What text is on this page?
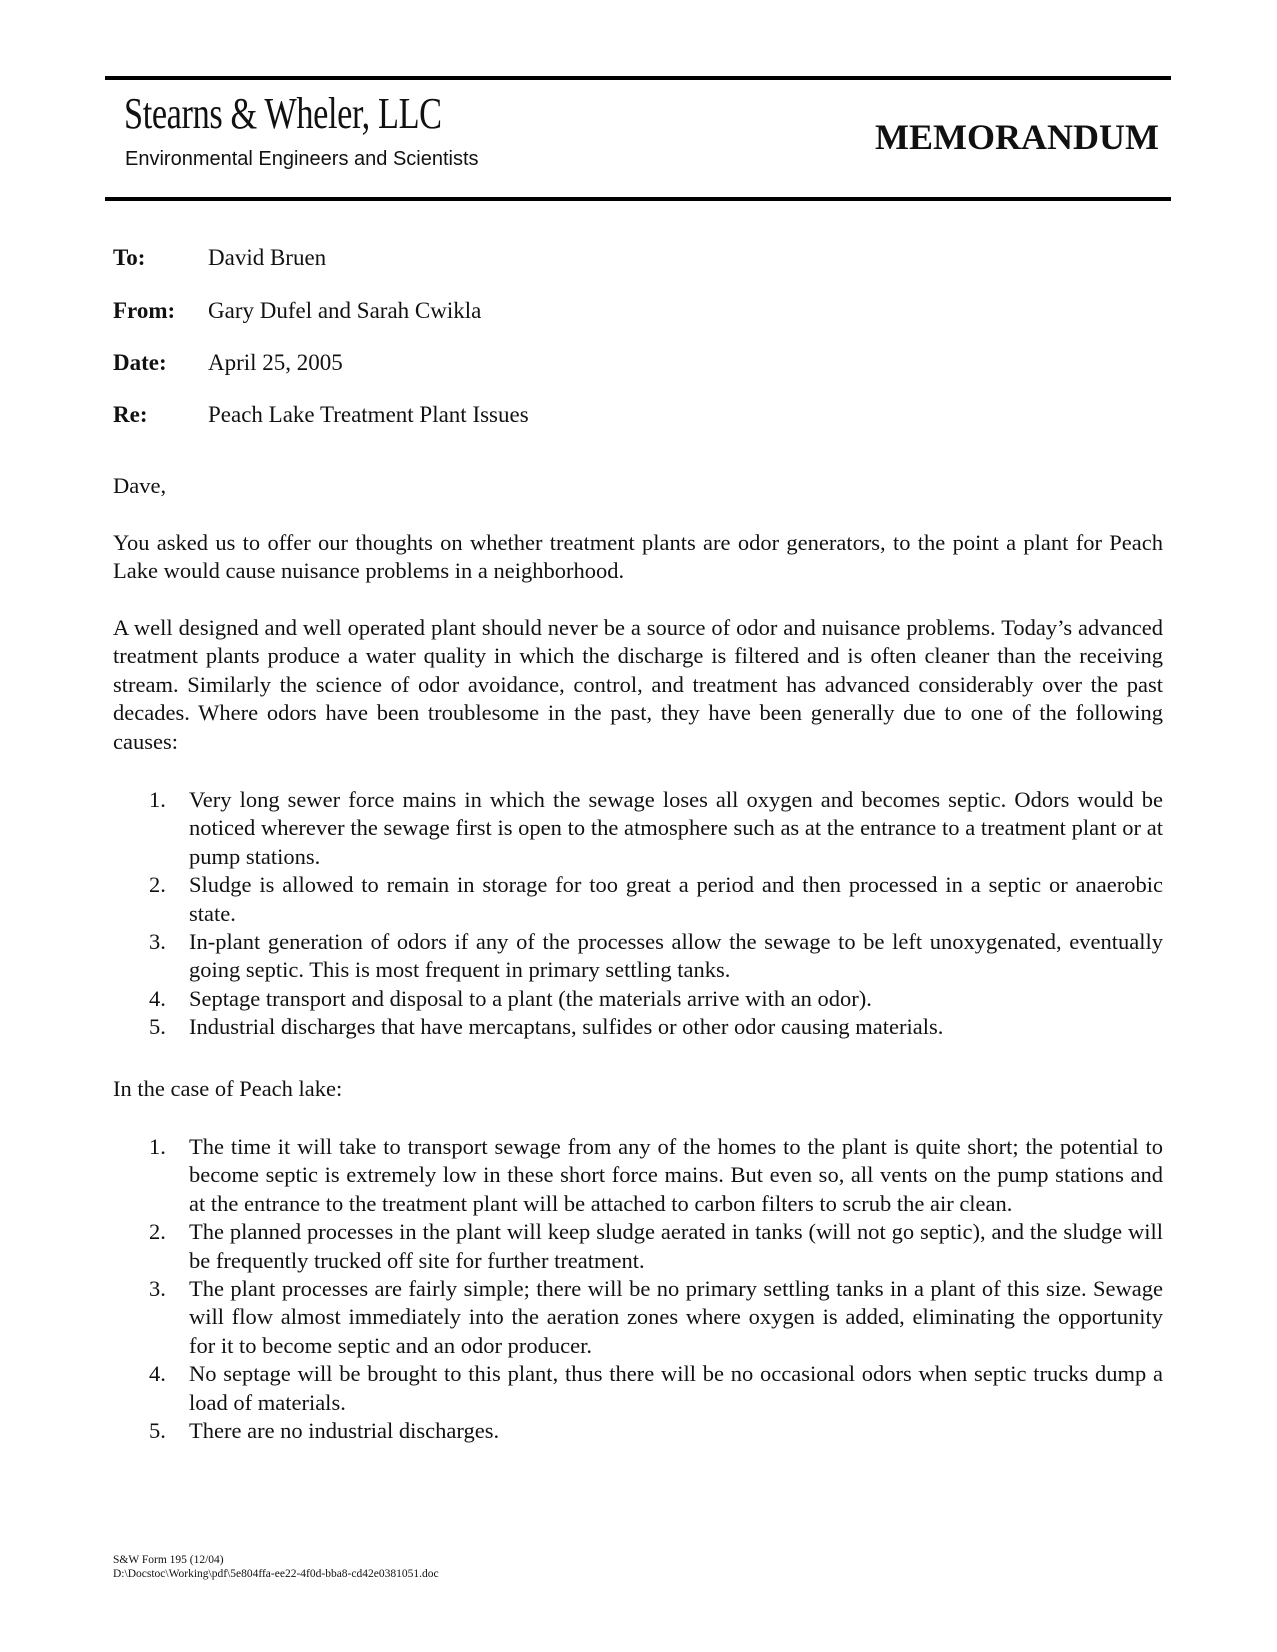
Stearns & Wheler, LLC
Environmental Engineers and Scientists
MEMORANDUM
To:	David Bruen
From: Gary Dufel and Sarah Cwikla
Date: April 25, 2005
Re:	Peach Lake Treatment Plant Issues
Dave,
You asked us to offer our thoughts on whether treatment plants are odor generators, to the point a plant for Peach Lake would cause nuisance problems in a neighborhood.
A well designed and well operated plant should never be a source of odor and nuisance problems. Today’s advanced treatment plants produce a water quality in which the discharge is filtered and is often cleaner than the receiving stream. Similarly the science of odor avoidance, control, and treatment has advanced considerably over the past decades. Where odors have been troublesome in the past, they have been generally due to one of the following causes:
1. Very long sewer force mains in which the sewage loses all oxygen and becomes septic. Odors would be noticed wherever the sewage first is open to the atmosphere such as at the entrance to a treatment plant or at pump stations.
2. Sludge is allowed to remain in storage for too great a period and then processed in a septic or anaerobic state.
3. In-plant generation of odors if any of the processes allow the sewage to be left unoxygenated, eventually going septic. This is most frequent in primary settling tanks.
4. Septage transport and disposal to a plant (the materials arrive with an odor).
5. Industrial discharges that have mercaptans, sulfides or other odor causing materials.
In the case of Peach lake:
1. The time it will take to transport sewage from any of the homes to the plant is quite short; the potential to become septic is extremely low in these short force mains. But even so, all vents on the pump stations and at the entrance to the treatment plant will be attached to carbon filters to scrub the air clean.
2. The planned processes in the plant will keep sludge aerated in tanks (will not go septic), and the sludge will be frequently trucked off site for further treatment.
3. The plant processes are fairly simple; there will be no primary settling tanks in a plant of this size. Sewage will flow almost immediately into the aeration zones where oxygen is added, eliminating the opportunity for it to become septic and an odor producer.
4. No septage will be brought to this plant, thus there will be no occasional odors when septic trucks dump a load of materials.
5. There are no industrial discharges.
S&W Form 195 (12/04)
D:\Docstoc\Working\pdf\5e804ffa-ee22-4f0d-bba8-cd42e0381051.doc
